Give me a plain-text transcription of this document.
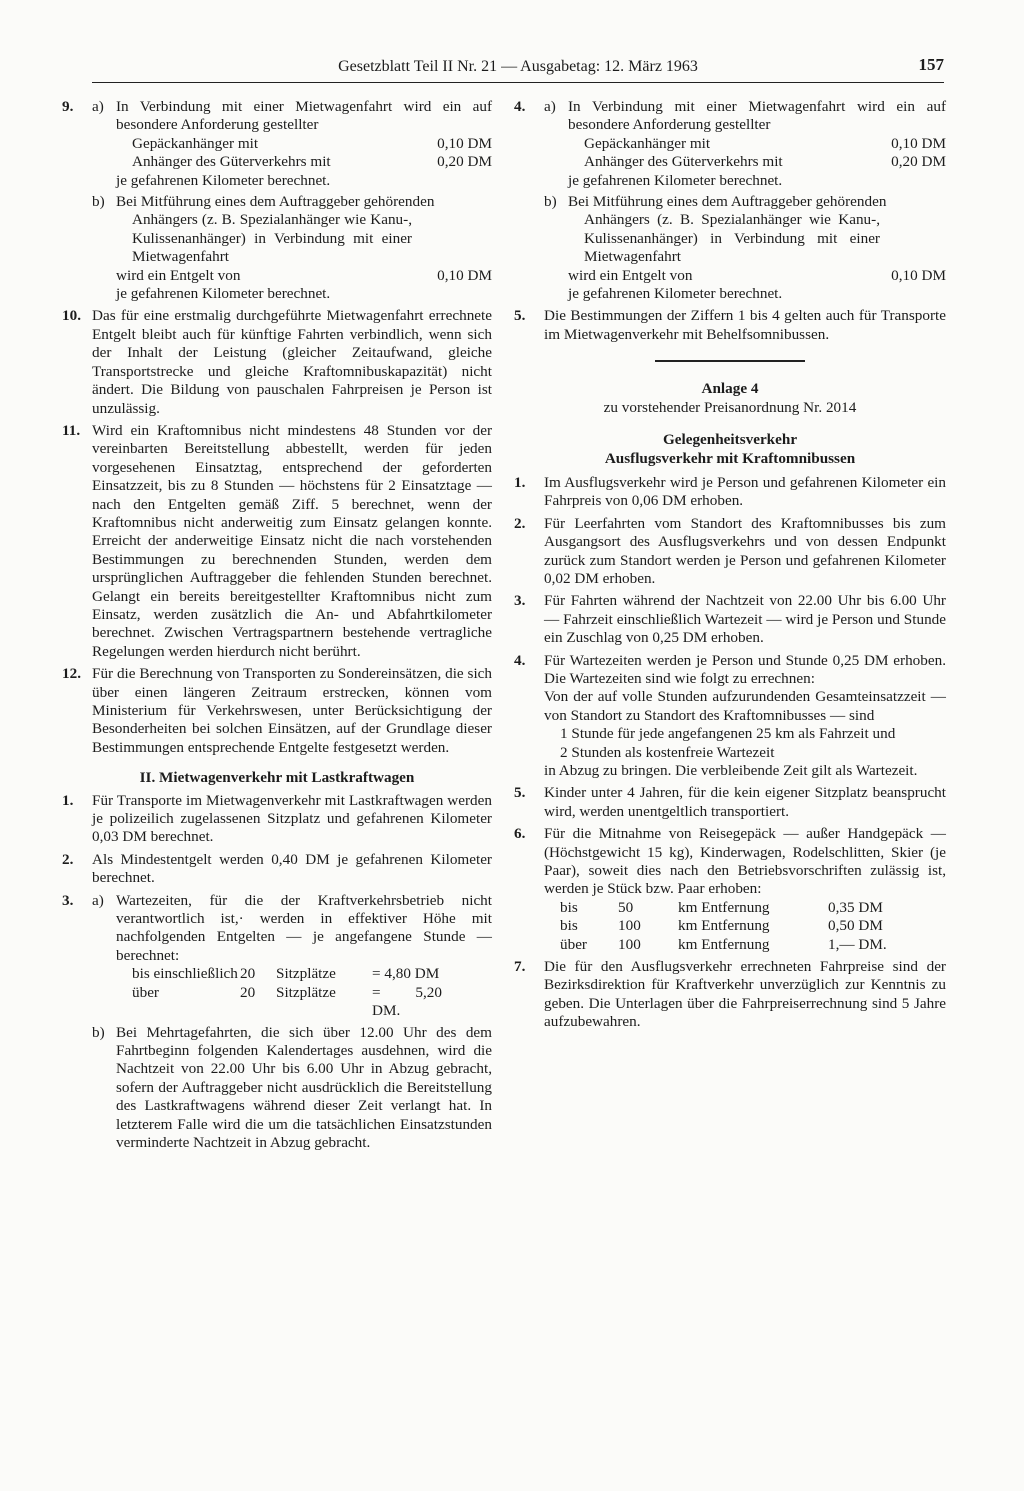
Gesetzblatt Teil II Nr. 21 — Ausgabetag: 12. März 1963	157
9. a) In Verbindung mit einer Mietwagenfahrt wird ein auf besondere Anforderung gestellter

Gepäckanhänger mit	0,10 DM
Anhänger des Güterverkehrs mit	0,20 DM

je gefahrenen Kilometer berechnet.

b) Bei Mitführung eines dem Auftraggeber gehörenden

Anhängers (z. B. Spezialanhänger wie Kanu-, Kulissenanhänger) in Verbindung mit einer Mietwagenfahrt

wird ein Entgelt von	0,10 DM

je gefahrenen Kilometer berechnet.

10. Das für eine erstmalig durchgeführte Mietwagenfahrt errechnete Entgelt bleibt auch für künftige Fahrten verbindlich, wenn sich der Inhalt der Leistung (gleicher Zeitaufwand, gleiche Transportstrecke und gleiche Kraftomnibuskapazität) nicht ändert. Die Bildung von pauschalen Fahrpreisen je Person ist unzulässig.

11. Wird ein Kraftomnibus nicht mindestens 48 Stunden vor der vereinbarten Bereitstellung abbestellt, werden für jeden vorgesehenen Einsatztag, entsprechend der geforderten Einsatzzeit, bis zu 8 Stunden — höchstens für 2 Einsatztage — nach den Entgelten gemäß Ziff. 5 berechnet, wenn der Kraftomnibus nicht anderweitig zum Einsatz gelangen konnte. Erreicht der anderweitige Einsatz nicht die nach vorstehenden Bestimmungen zu berechnenden Stunden, werden dem ursprünglichen Auftraggeber die fehlenden Stunden berechnet. Gelangt ein bereits bereitgestellter Kraftomnibus nicht zum Einsatz, werden zusätzlich die An- und Abfahrtkilometer berechnet. Zwischen Vertragspartnern bestehende vertragliche Regelungen werden hierdurch nicht berührt.

12. Für die Berechnung von Transporten zu Sondereinsätzen, die sich über einen längeren Zeitraum erstrecken, können vom Ministerium für Verkehrswesen, unter Berücksichtigung der Besonderheiten bei solchen Einsätzen, auf der Grundlage dieser Bestimmungen entsprechende Entgelte festgesetzt werden.

II. Mietwagenverkehr mit Lastkraftwagen
1. Für Transporte im Mietwagenverkehr mit Lastkraftwagen werden je polizeilich zugelassenen Sitzplatz und gefahrenen Kilometer 0,03 DM berechnet.

2. Als Mindestentgelt werden 0,40 DM je gefahrenen Kilometer berechnet.

3. a) Wartezeiten, für die der Kraftverkehrsbetrieb nicht verantwortlich ist,· werden in effektiver Höhe mit nachfolgenden Entgelten — je angefangene Stunde — berechnet:

bis einschließlich 20	Sitzplätze	= 4,80 DM
über	20	Sitzplätze	= 5,20 DM.
b) Bei Mehrtagefahrten, die sich über 12.00 Uhr des dem Fahrtbeginn folgenden Kalendertages ausdehnen, wird die Nachtzeit von 22.00 Uhr bis 6.00 Uhr in Abzug gebracht, sofern der Auftraggeber nicht ausdrücklich die Bereitstellung des Lastkraftwagens während dieser Zeit verlangt hat. In letzterem Falle wird die um die tatsächlichen Einsatzstunden verminderte Nachtzeit in Abzug gebracht.

4. a) In Verbindung mit einer Mietwagenfahrt wird ein auf besondere Anforderung gestellter

Gepäckanhänger mit	0,10 DM
Anhänger des Güterverkehrs mit	0,20 DM

je gefahrenen Kilometer berechnet.

b) Bei Mitführung eines dem Auftraggeber gehörenden

Anhängers (z. B. Spezialanhänger wie Kanu-, Kulissenanhänger) in Verbindung mit einer Mietwagenfahrt

wird ein Entgelt von	0,10 DM

je gefahrenen Kilometer berechnet.

5. Die Bestimmungen der Ziffern 1 bis 4 gelten auch für Transporte im Mietwagenverkehr mit Behelfsomnibussen.

Anlage 4
zu vorstehender Preisanordnung Nr. 2014
Gelegenheitsverkehr
Ausflugsverkehr mit Kraftomnibussen
1. Im Ausflugsverkehr wird je Person und gefahrenen Kilometer ein Fahrpreis von 0,06 DM erhoben.

2. Für Leerfahrten vom Standort des Kraftomnibusses bis zum Ausgangsort des Ausflugsverkehrs und von dessen Endpunkt zurück zum Standort werden je Person und gefahrenen Kilometer 0,02 DM erhoben.

3. Für Fahrten während der Nachtzeit von 22.00 Uhr bis 6.00 Uhr — Fahrzeit einschließlich Wartezeit — wird je Person und Stunde ein Zuschlag von 0,25 DM erhoben.

4. Für Wartezeiten werden je Person und Stunde 0,25 DM erhoben. Die Wartezeiten sind wie folgt zu errechnen:

Von der auf volle Stunden aufzurundenden Gesamteinsatzzeit — von Standort zu Standort des Kraftomnibusses — sind

1 Stunde für jede angefangenen 25 km als Fahrzeit und

2 Stunden als kostenfreie Wartezeit

in Abzug zu bringen. Die verbleibende Zeit gilt als Wartezeit.

5. Kinder unter 4 Jahren, für die kein eigener Sitzplatz beansprucht wird, werden unentgeltlich transportiert.

6. Für die Mitnahme von Reisegepäck — außer Handgepäck — (Höchstgewicht 15 kg), Kinderwagen, Rodelschlitten, Skier (je Paar), soweit dies nach den Betriebsvorschriften zulässig ist, werden je Stück bzw. Paar erhoben:

bis	50	km Entfernung	0,35 DM
bis	100	km Entfernung	0,50 DM
über	100	km Entfernung	1,— DM.
7. Die für den Ausflugsverkehr errechneten Fahrpreise sind der Bezirksdirektion für Kraftverkehr unverzüglich zur Kenntnis zu geben. Die Unterlagen über die Fahrpreiserrechnung sind 5 Jahre aufzubewahren.
